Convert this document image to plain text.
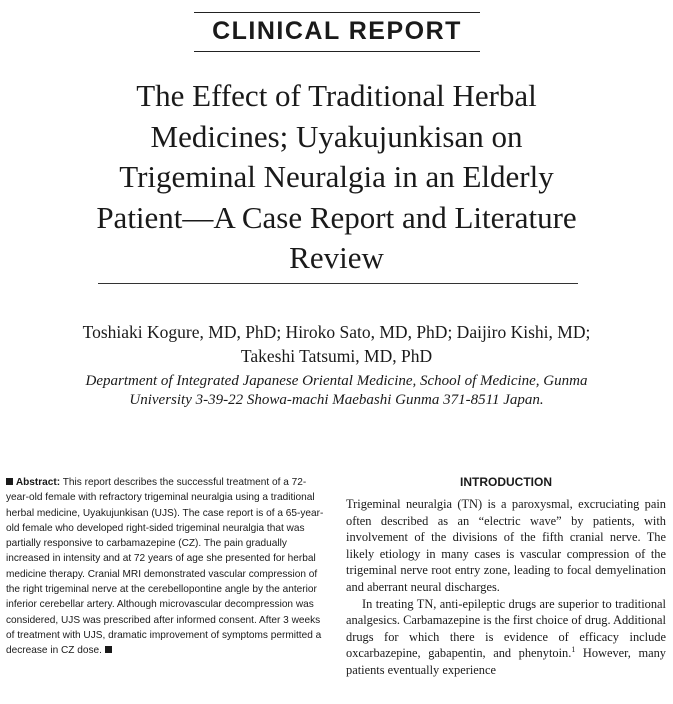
CLINICAL REPORT
The Effect of Traditional Herbal Medicines; Uyakujunkisan on Trigeminal Neuralgia in an Elderly Patient—A Case Report and Literature Review
Toshiaki Kogure, MD, PhD; Hiroko Sato, MD, PhD; Daijiro Kishi, MD;
Takeshi Tatsumi, MD, PhD
Department of Integrated Japanese Oriental Medicine, School of Medicine, Gunma
University 3-39-22 Showa-machi Maebashi Gunma 371-8511 Japan.
Abstract: This report describes the successful treatment of a 72-year-old female with refractory trigeminal neuralgia using a traditional herbal medicine, Uyakujunkisan (UJS). The case report is of a 65-year-old female who developed right-sided trigeminal neuralgia that was partially responsive to carbamazepine (CZ). The pain gradually increased in intensity and at 72 years of age she presented for herbal medicine therapy. Cranial MRI demonstrated vascular compression of the right trigeminal nerve at the cerebellopontine angle by the anterior inferior cerebellar artery. Although microvascular decompression was considered, UJS was prescribed after informed consent. After 3 weeks of treatment with UJS, dramatic improvement of symptoms permitted a decrease in CZ dose.
INTRODUCTION

Trigeminal neuralgia (TN) is a paroxysmal, excruciating pain often described as an “electric wave” by patients, with involvement of the divisions of the fifth cranial nerve. The likely etiology in many cases is vascular compression of the trigeminal nerve root entry zone, leading to focal demyelination and aberrant neural discharges.

In treating TN, anti-epileptic drugs are superior to traditional analgesics. Carbamazepine is the first choice of drug. Additional drugs for which there is evidence of efficacy include oxcarbazepine, gabapentin, and phenytoin.$^1$ However, many patients eventually experience
